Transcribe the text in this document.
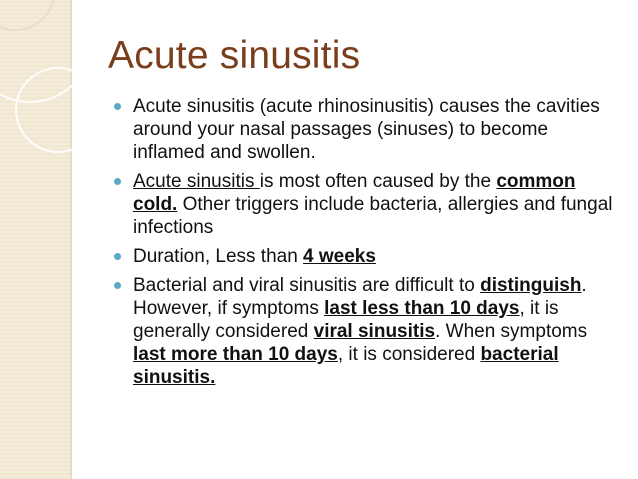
Acute sinusitis
Acute sinusitis (acute rhinosinusitis) causes the cavities around your nasal passages (sinuses) to become inflamed and swollen.
Acute sinusitis is most often caused by the common cold. Other triggers include bacteria, allergies and fungal infections
Duration, Less than 4 weeks
Bacterial and viral sinusitis are difficult to distinguish. However, if symptoms last less than 10 days, it is generally considered viral sinusitis. When symptoms last more than 10 days, it is considered bacterial sinusitis.
